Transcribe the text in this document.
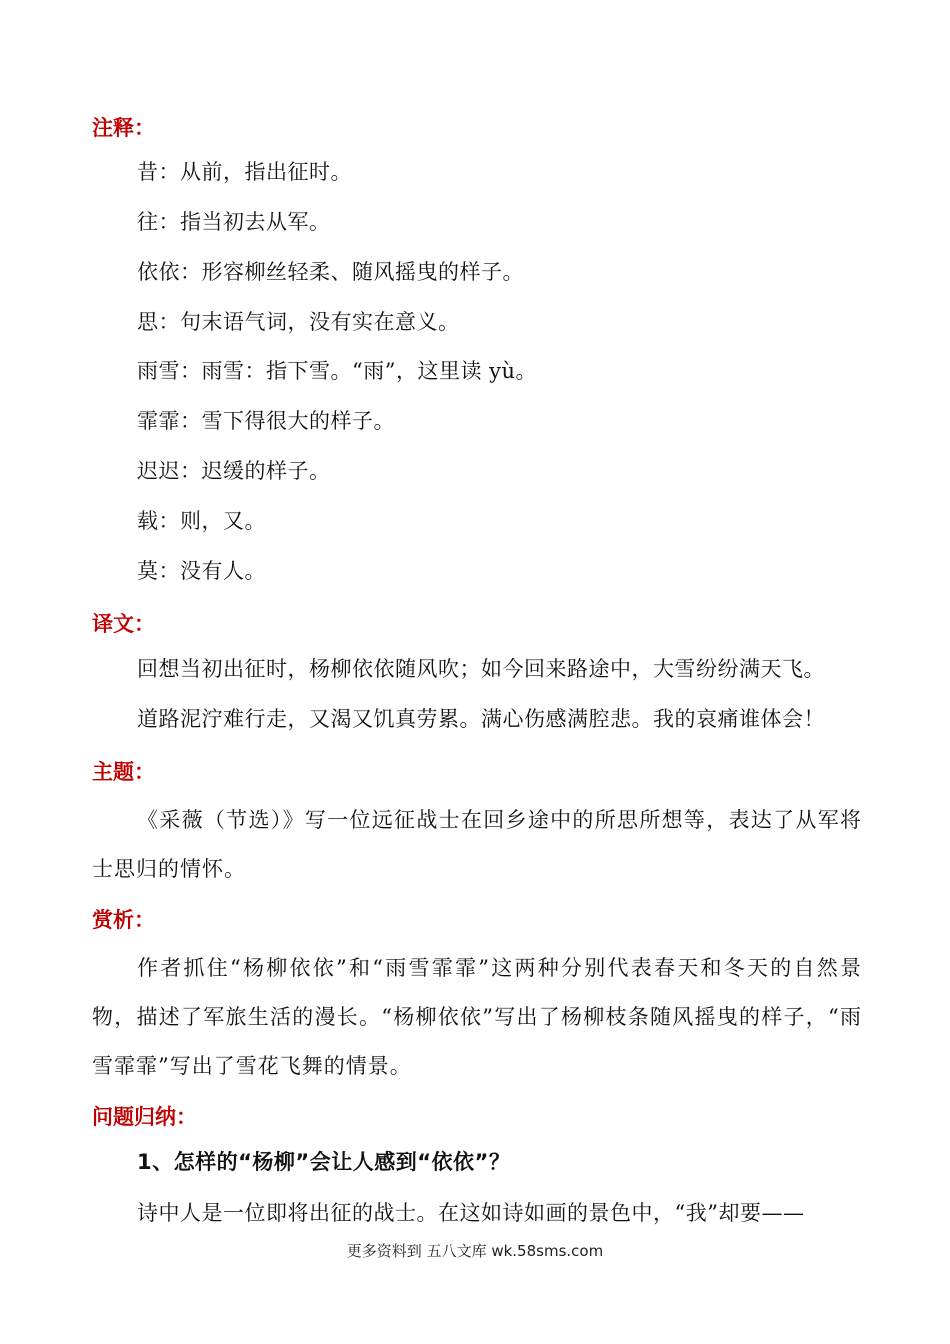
注释：
昔：从前，指出征时。
往：指当初去从军。
依依：形容柳丝轻柔、随风摇曳的样子。
思：句末语气词，没有实在意义。
雨雪：雨雪：指下雪。“雨”，这里读 yù。
霏霏：雪下得很大的样子。
迟迟：迟缓的样子。
载：则，又。
莫：没有人。
译文：
回想当初出征时，杨柳依依随风吹；如今回来路途中，大雪纷纷满天飞。
道路泥泞难行走，又渴又饥真劳累。满心伤感满腔悲。我的哀痛谁体会！
主题：
《采薇（节选）》写一位远征战士在回乡途中的所思所想等，表达了从军将士思归的情怀。
赏析：
作者抓住“杨柳依依”和“雨雪霏霏”这两种分别代表春天和冬天的自然景物，描述了军旅生活的漫长。“杨柳依依”写出了杨柳枝条随风摇曳的样子，“雨雪霏霏”写出了雪花飞舞的情景。
问题归纳：
1、怎样的“杨柳”会让人感到“依依”？
诗中人是一位即将出征的战士。在这如诗如画的景色中，“我”却要——
更多资料到 五八文库 wk.58sms.com
